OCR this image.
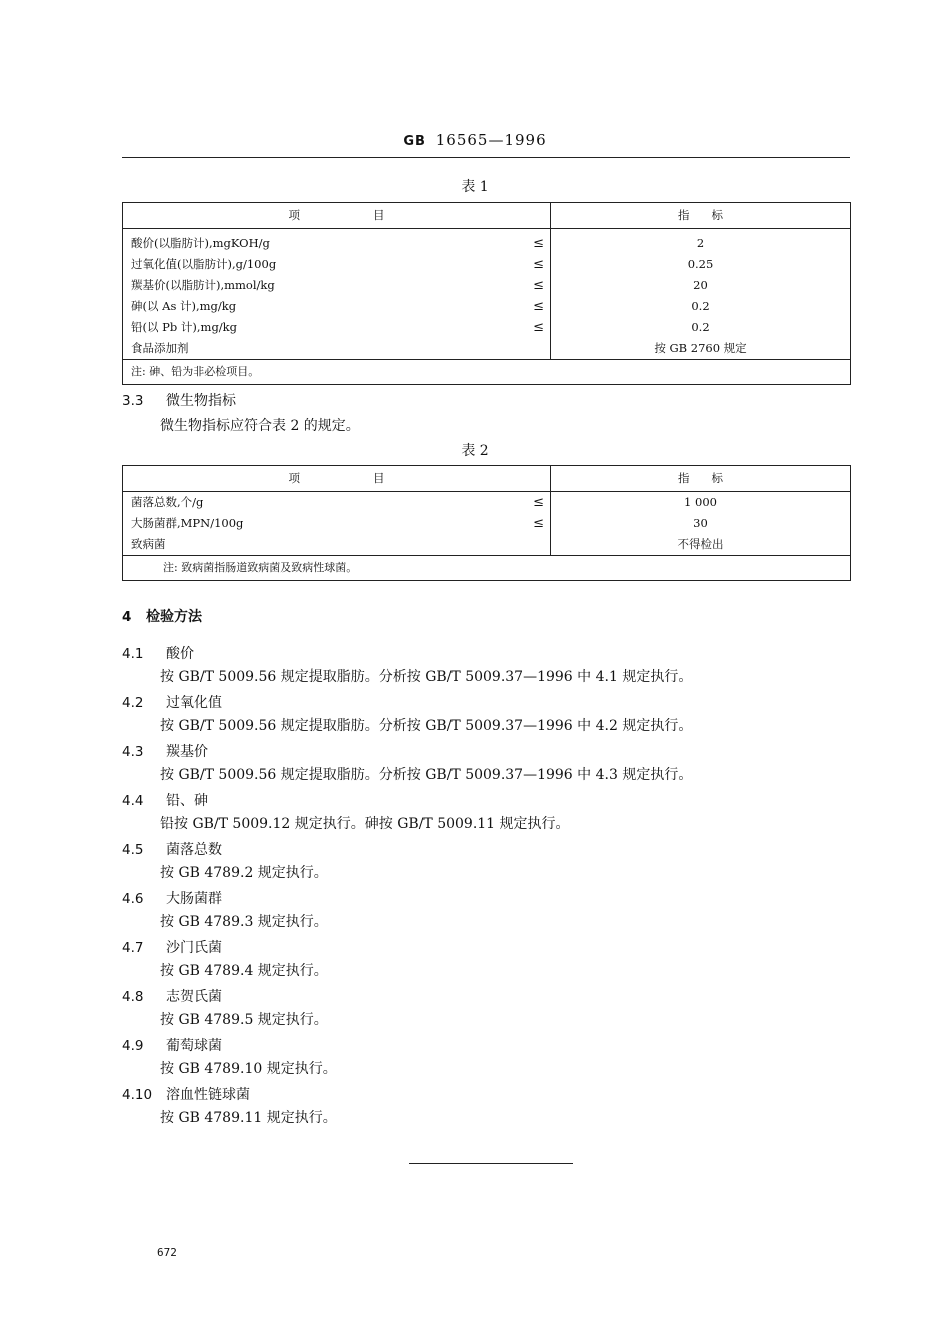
GB 16565—1996
表 1
项                    目	指      标
酸价(以脂肪计),mgKOH/g ≤	2
过氧化值(以脂肪计),g/100g ≤	0.25
羰基价(以脂肪计),mmol/kg ≤	20
砷(以 As 计),mg/kg ≤	0.2
铅(以 Pb 计),mg/kg ≤	0.2
食品添加剂	按 GB 2760 规定
注: 砷、铅为非必检项目。	
3.3 微生物指标
微生物指标应符合表 2 的规定。
表 2
项                    目	指      标
菌落总数,个/g ≤	1 000
大肠菌群,MPN/100g ≤	30
致病菌	不得检出
注: 致病菌指肠道致病菌及致病性球菌。	
4 检验方法
4.1 酸价
按 GB/T 5009.56 规定提取脂肪。分析按 GB/T 5009.37—1996 中 4.1 规定执行。
4.2 过氧化值
按 GB/T 5009.56 规定提取脂肪。分析按 GB/T 5009.37—1996 中 4.2 规定执行。
4.3 羰基价
按 GB/T 5009.56 规定提取脂肪。分析按 GB/T 5009.37—1996 中 4.3 规定执行。
4.4 铅、砷
铅按 GB/T 5009.12 规定执行。砷按 GB/T 5009.11 规定执行。
4.5 菌落总数
按 GB 4789.2 规定执行。
4.6 大肠菌群
按 GB 4789.3 规定执行。
4.7 沙门氏菌
按 GB 4789.4 规定执行。
4.8 志贺氏菌
按 GB 4789.5 规定执行。
4.9 葡萄球菌
按 GB 4789.10 规定执行。
4.10 溶血性链球菌
按 GB 4789.11 规定执行。
672
